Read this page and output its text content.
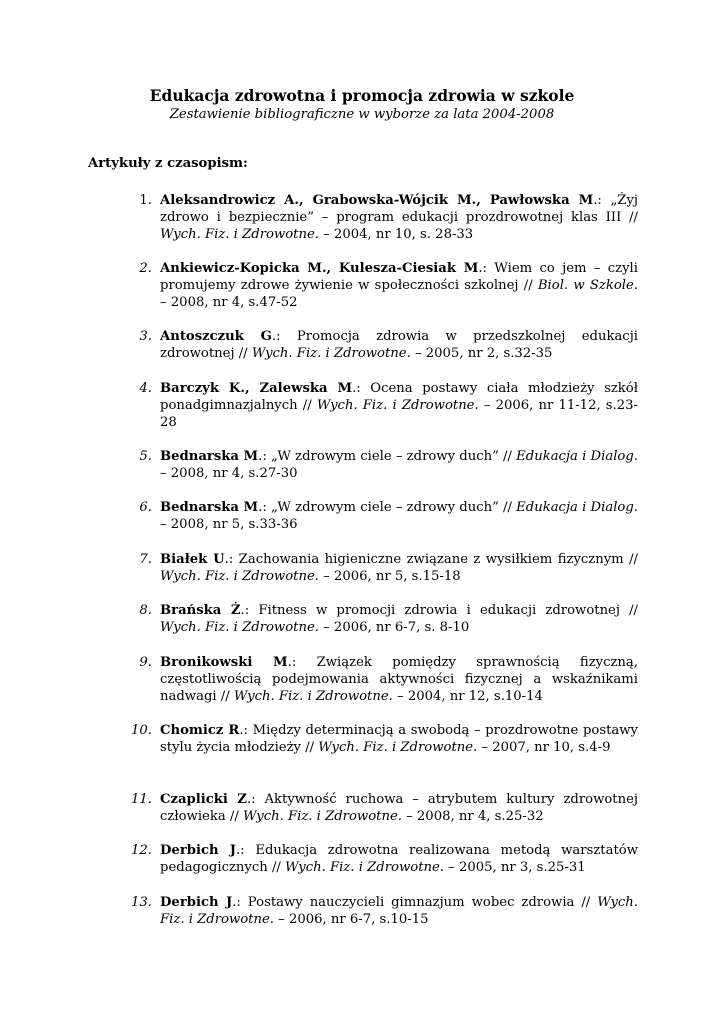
Edukacja zdrowotna i promocja zdrowia w szkole
Zestawienie bibliograficzne w wyborze za lata 2004-2008
Artykuły z czasopism:
1. Aleksandrowicz A., Grabowska-Wójcik M., Pawłowska M.: „Żyj zdrowo i bezpiecznie” – program edukacji prozdrowotnej klas III // Wych. Fiz. i Zdrowotne. – 2004, nr 10, s. 28-33
2. Ankiewicz-Kopicka M., Kulesza-Ciesiak M.: Wiem co jem – czyli promujemy zdrowe żywienie w społeczności szkolnej // Biol. w Szkole. – 2008, nr 4, s.47-52
3. Antoszczuk G.: Promocja zdrowia w przedszkolnej edukacji zdrowotnej // Wych. Fiz. i Zdrowotne. – 2005, nr 2, s.32-35
4. Barczyk K., Zalewska M.: Ocena postawy ciała młodzieży szkół ponadgimnazjalnych // Wych. Fiz. i Zdrowotne. – 2006, nr 11-12, s.23-28
5. Bednarska M.: „W zdrowym ciele – zdrowy duch” // Edukacja i Dialog. – 2008, nr 4, s.27-30
6. Bednarska M.: „W zdrowym ciele – zdrowy duch” // Edukacja i Dialog. – 2008, nr 5, s.33-36
7. Białek U.: Zachowania higieniczne związane z wysiłkiem fizycznym // Wych. Fiz. i Zdrowotne. – 2006, nr 5, s.15-18
8. Brańska Ż.: Fitness w promocji zdrowia i edukacji zdrowotnej // Wych. Fiz. i Zdrowotne. – 2006, nr 6-7, s. 8-10
9. Bronikowski M.: Związek pomiędzy sprawnością fizyczną, częstotliwością podejmowania aktywności fizycznej a wskaźnikami nadwagi // Wych. Fiz. i Zdrowotne. – 2004, nr 12, s.10-14
10. Chomicz R.: Między determinacją a swobodą – prozdrowotne postawy stylu życia młodzieży // Wych. Fiz. i Zdrowotne. – 2007, nr 10, s.4-9
11. Czaplicki Z.: Aktywność ruchowa – atrybutem kultury zdrowotnej człowieka // Wych. Fiz. i Zdrowotne. – 2008, nr 4, s.25-32
12. Derbich J.: Edukacja zdrowotna realizowana metodą warsztatów pedagogicznych // Wych. Fiz. i Zdrowotne. – 2005, nr 3, s.25-31
13. Derbich J.: Postawy nauczycieli gimnazjum wobec zdrowia // Wych. Fiz. i Zdrowotne. – 2006, nr 6-7, s.10-15
